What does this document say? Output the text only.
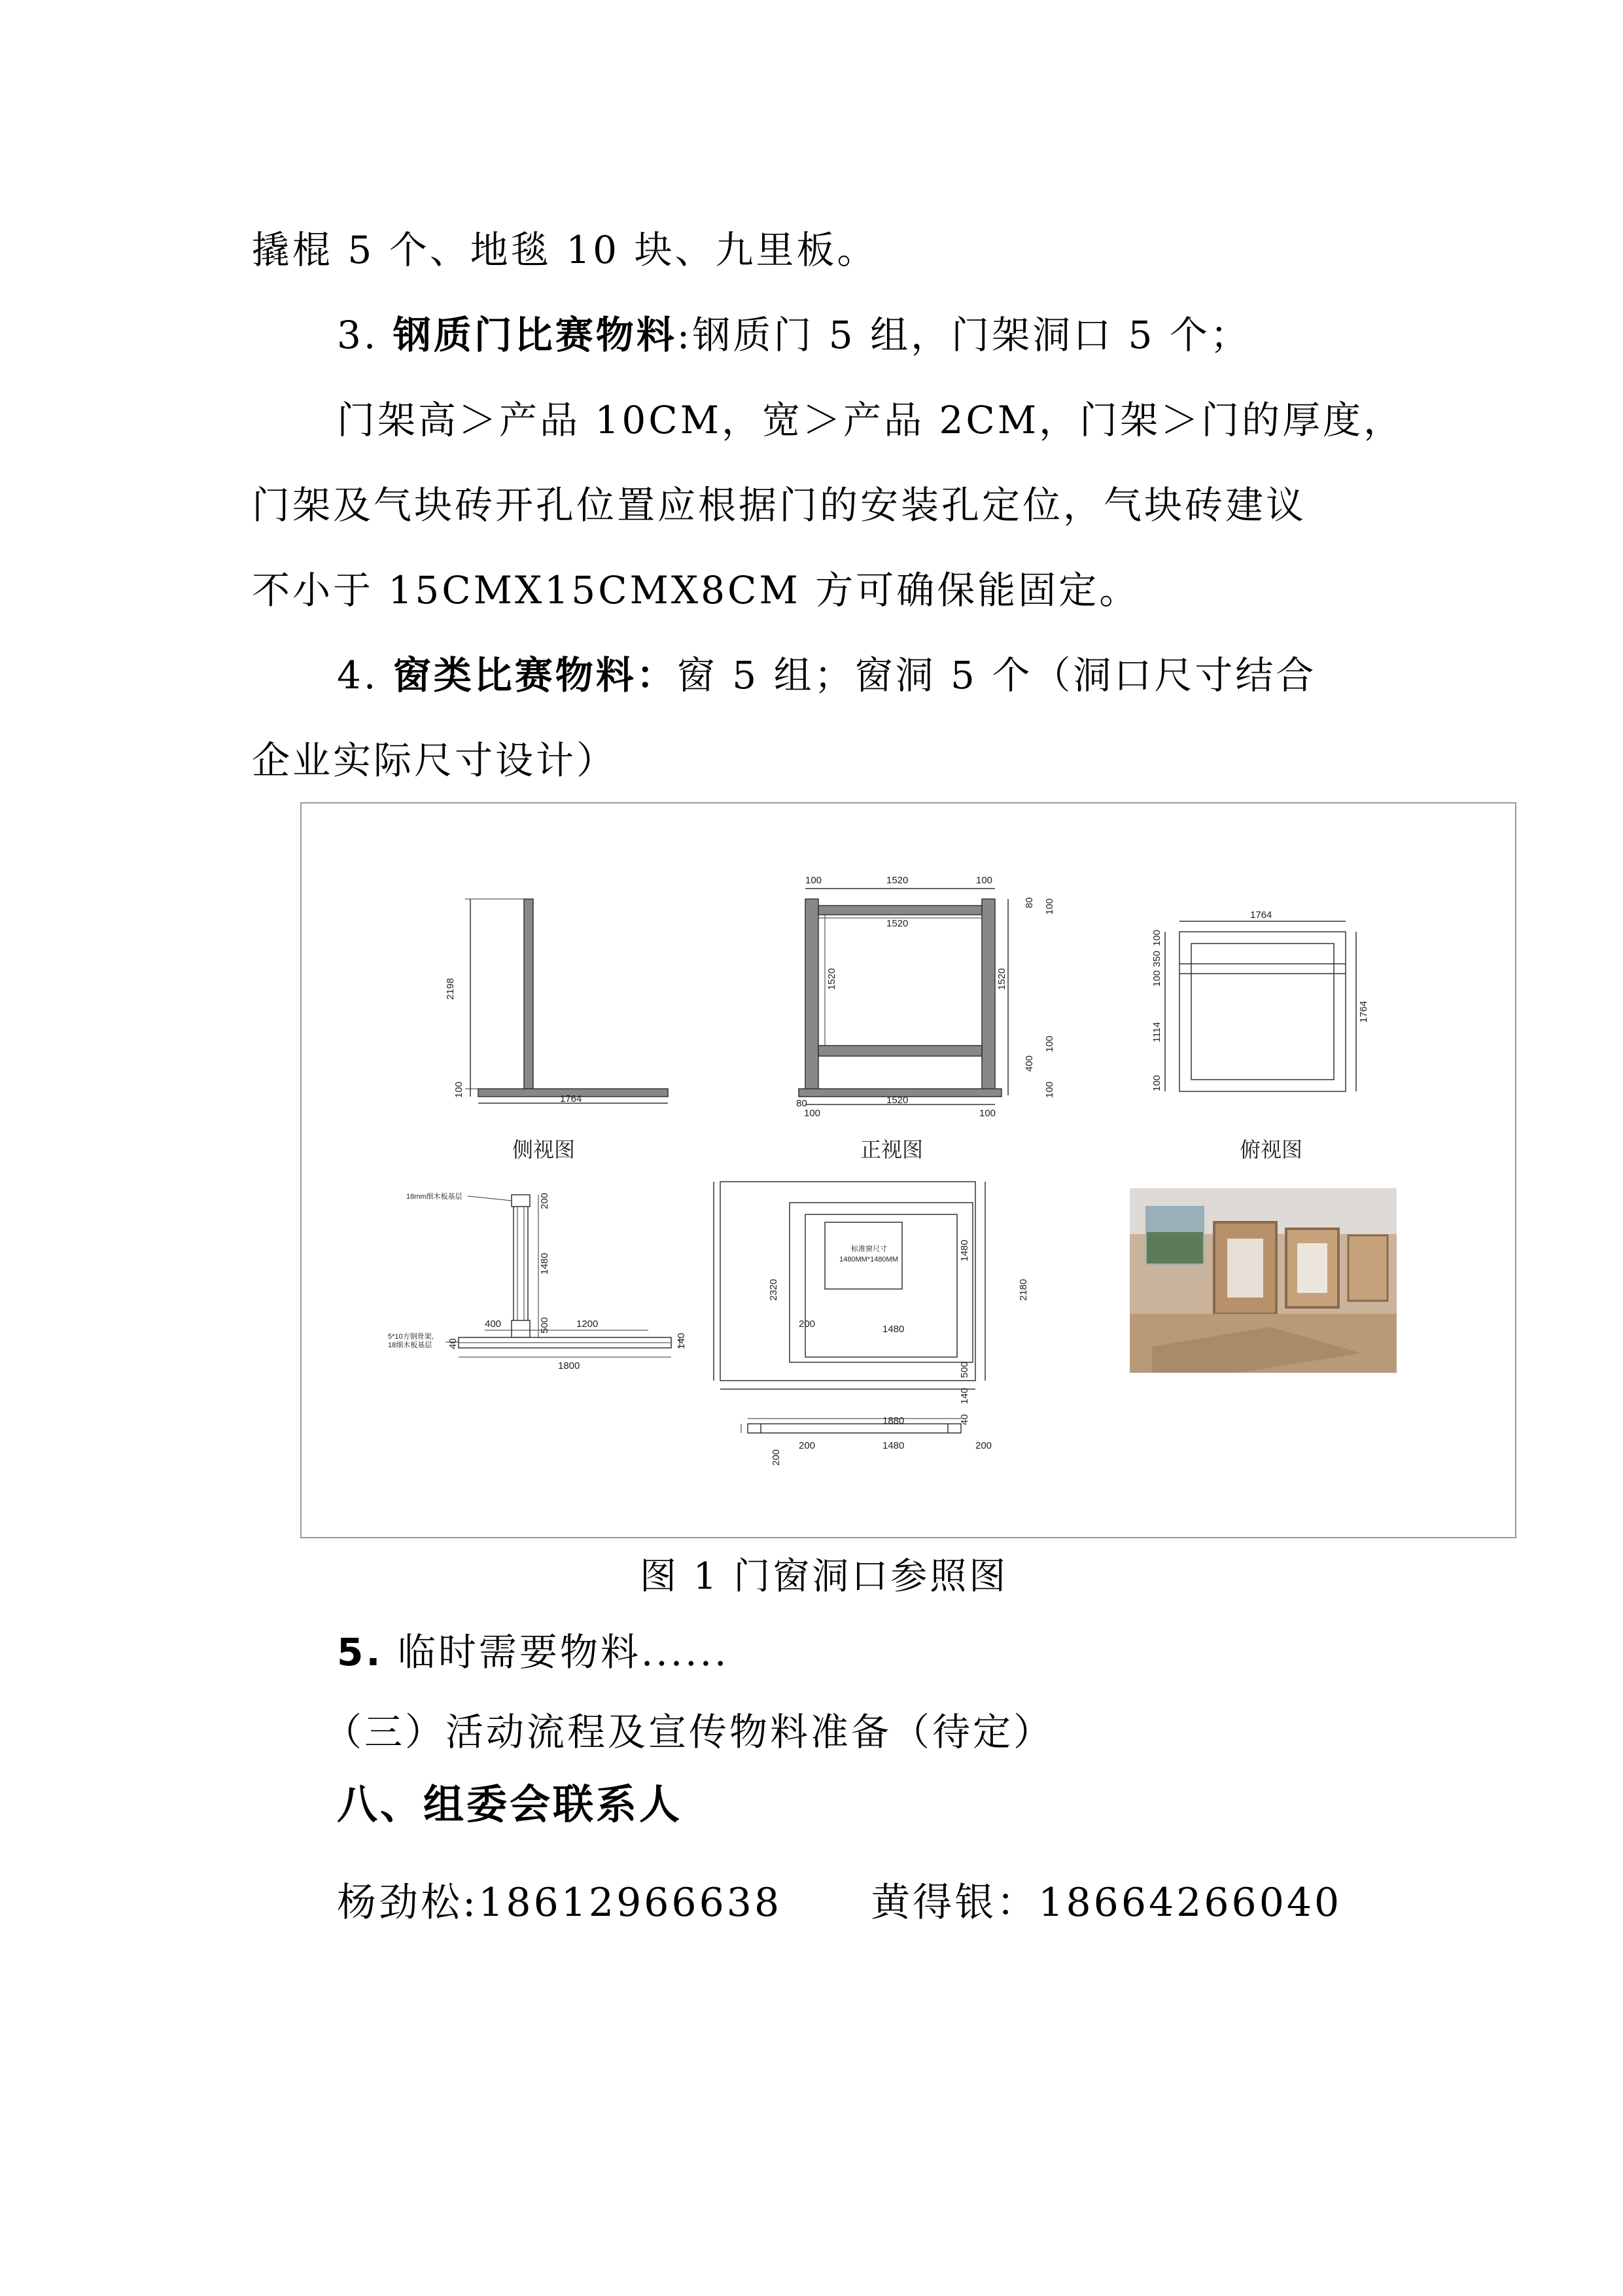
撬棍 5 个、地毯 10 块、九里板。
3. 钢质门比赛物料:钢质门 5 组，门架洞口 5 个；
门架高＞产品 10CM，宽＞产品 2CM，门架＞门的厚度，
门架及气块砖开孔位置应根据门的安装孔定位，气块砖建议
不小于 15CMX15CMX8CM 方可确保能固定。
4. 窗类比赛物料：窗 5 组；窗洞 5 个（洞口尺寸结合
企业实际尺寸设计）
2198
100
1764
100	1520	100
1520
1520	1520
80 100
100
400
100
80
100
1520
100
1764
100
350
100
1114
100
1764
18mm细木板基层
5*10方钢骨架,
18细木板基层
200
1480
500
400	1200
140
1800
40
标准窗尺寸
1480MM*1480MM
2320
200	1480
1480
500
140
2180
40
1880
200	1480	200
200
侧视图	正视图	俯视图
图 1 门窗洞口参照图
5. 临时需要物料......
（三）活动流程及宣传物料准备（待定）
八、组委会联系人
杨劲松:18612966638 黄得银：18664266040
